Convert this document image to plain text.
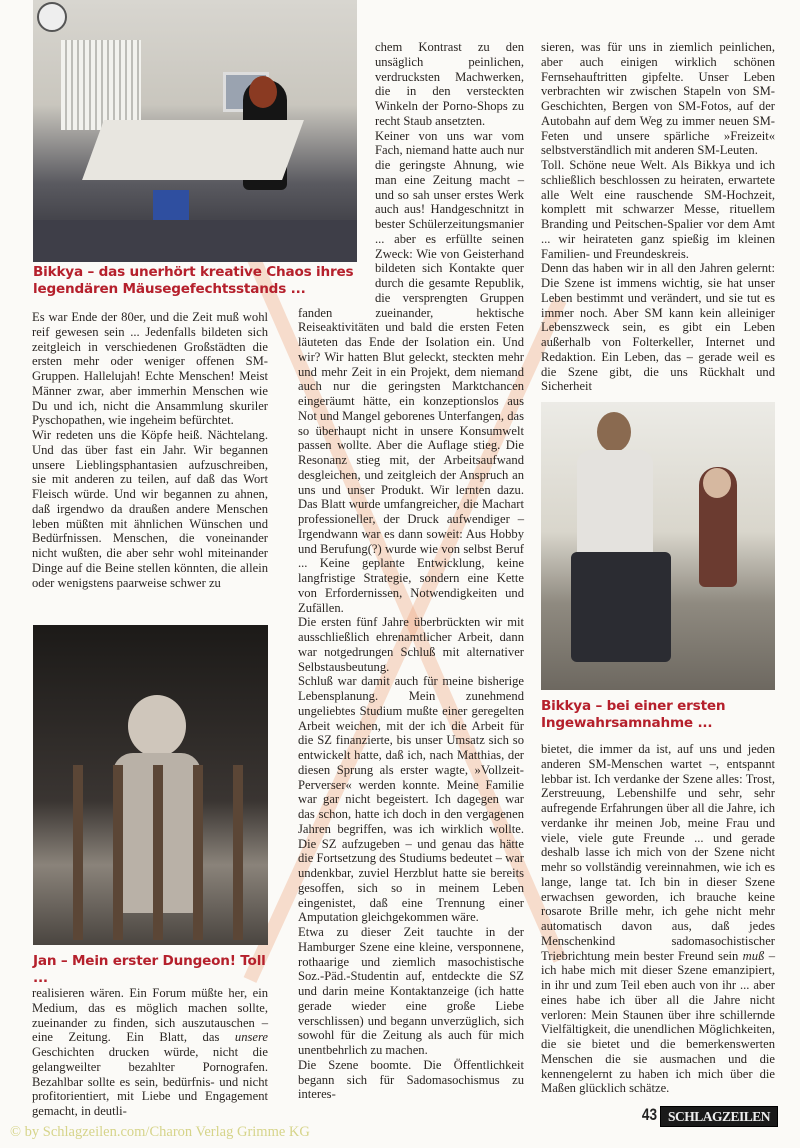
Bikkya – das unerhört kreative Chaos ihres legendären Mäusegefechtsstands ...

Es war Ende der 80er, und die Zeit muß wohl reif gewesen sein ... Jedenfalls bildeten sich zeitgleich in verschiedenen Großstädten die ersten mehr oder weniger offenen SM-Gruppen. Hallelujah! Echte Menschen! Meist Männer zwar, aber immerhin Menschen wie Du und ich, nicht die Ansammlung skuriler Pyschopathen, wie ingeheim befürchtet.

Wir redeten uns die Köpfe heiß. Nächtelang. Und das über fast ein Jahr. Wir begannen unsere Lieblingsphantasien aufzuschreiben, sie mit anderen zu teilen, auf daß das Wort Fleisch würde. Und wir begannen zu ahnen, daß irgendwo da draußen andere Menschen leben müßten mit ähnlichen Wünschen und Bedürfnissen. Menschen, die voneinander nicht wußten, die aber sehr wohl miteinander Dinge auf die Beine stellen könnten, die allein oder wenigstens paarweise schwer zu

Jan – Mein erster Dungeon! Toll ...

realisieren wären. Ein Forum müßte her, ein Medium, das es möglich machen sollte, zueinander zu finden, sich auszutauschen – eine Zeitung. Ein Blatt, das unsere Geschichten drucken würde, nicht die gelangweilter bezahlter Pornografen. Bezahlbar sollte es sein, bedürfnis- und nicht profitorientiert, mit Liebe und Engagement gemacht, in deutli-

chem Kontrast zu den unsäglich peinlichen, verdrucksten Machwerken, die in den versteckten Winkeln der Porno-Shops zu recht Staub ansetzten.

Keiner von uns war vom Fach, niemand hatte auch nur die geringste Ahnung, wie man eine Zeitung macht – und so sah unser erstes Werk auch aus! Handgeschnitzt in bester Schülerzeitungsmanier ... aber es erfüllte seinen Zweck: Wie von Geisterhand bildeten sich Kontakte quer durch die gesamte Republik, die versprengten Gruppen fanden zueinander, hektische Reiseaktivitäten und bald die ersten Feten läuteten das Ende der Isolation ein. Und wir? Wir hatten Blut geleckt, steckten mehr und mehr Zeit in ein Projekt, dem niemand auch nur die geringsten Marktchancen eingeräumt hätte, ein konzeptionslos aus Not und Mangel geborenes Unterfangen, das so überhaupt nicht in unsere Konsumwelt passen wollte. Aber die Auflage stieg. Die Resonanz stieg mit, der Arbeitsaufwand desgleichen, und zeitgleich der Anspruch an uns und unser Produkt. Wir lernten dazu. Das Blatt wurde umfangreicher, die Machart professioneller, der Druck aufwendiger – Irgendwann war es dann soweit: Aus Hobby und Berufung(?) wurde wie von selbst Beruf ... Keine geplante Entwicklung, keine langfristige Strategie, sondern eine Kette von Erfordernissen, Notwendigkeiten und Zufällen.

Die ersten fünf Jahre überbrückten wir mit ausschließlich ehrenamtlicher Arbeit, dann war notgedrungen Schluß mit alternativer Selbstausbeutung.

Schluß war damit auch für meine bisherige Lebensplanung. Mein zunehmend ungeliebtes Studium mußte einer geregelten Arbeit weichen, mit der ich die Arbeit für die SZ finanzierte, bis unser Umsatz sich so entwickelt hatte, daß ich, nach Matthias, der diesen Sprung als erster wagte, »Vollzeit-Perverser« werden konnte. Meine Familie war gar nicht begeistert. Ich dagegen war das schon, hatte ich doch in den vergagenen Jahren begriffen, was ich wirklich wollte. Die SZ aufzugeben – und genau das hätte die Fortsetzung des Studiums bedeutet – war undenkbar, zuviel Herzblut hatte sie bereits gesoffen, sich so in meinem Leben eingenistet, daß eine Trennung einer Amputation gleichgekommen wäre.

Etwa zu dieser Zeit tauchte in der Hamburger Szene eine kleine, versponnene, rothaarige und ziemlich masochistische Soz.-Päd.-Studentin auf, entdeckte die SZ und darin meine Kontaktanzeige (ich hatte gerade wieder eine große Liebe verschlissen) und begann unverzüglich, sich sowohl für die Zeitung als auch für mich unentbehrlich zu machen.

Die Szene boomte. Die Öffentlichkeit begann sich für Sadomasochismus zu interes-

sieren, was für uns in ziemlich peinlichen, aber auch einigen wirklich schönen Fernsehauftritten gipfelte. Unser Leben verbrachten wir zwischen Stapeln von SM-Geschichten, Bergen von SM-Fotos, auf der Autobahn auf dem Weg zu immer neuen SM-Feten und unsere spärliche »Freizeit« selbstverständlich mit anderen SM-Leuten.

Toll. Schöne neue Welt. Als Bikkya und ich schließlich beschlossen zu heiraten, erwartete alle Welt eine rauschende SM-Hochzeit, komplett mit schwarzer Messe, rituellem Branding und Peitschen-Spalier vor dem Amt ... wir heirateten ganz spießig im kleinen Familien- und Freundeskreis.

Denn das haben wir in all den Jahren gelernt: Die Szene ist immens wichtig, sie hat unser Leben bestimmt und verändert, und sie tut es immer noch. Aber SM kann kein alleiniger Lebenszweck sein, es gibt ein Leben außerhalb von Folterkeller, Internet und Redaktion. Ein Leben, das – gerade weil es die Szene gibt, die uns Rückhalt und Sicherheit

Bikkya – bei einer ersten Ingewahrsamnahme ...

bietet, die immer da ist, auf uns und jeden anderen SM-Menschen wartet –, entspannt lebbar ist. Ich verdanke der Szene alles: Trost, Zerstreuung, Lebenshilfe und sehr, sehr aufregende Erfahrungen über all die Jahre, ich verdanke ihr meinen Job, meine Frau und viele, viele gute Freunde ... und gerade deshalb lasse ich mich von der Szene nicht mehr so vollständig vereinnahmen, wie ich es lange, lange tat. Ich bin in dieser Szene erwachsen geworden, ich brauche keine rosarote Brille mehr, ich gehe nicht mehr automatisch davon aus, daß jedes Menschenkind sadomasochistischer Triebrichtung mein bester Freund sein muß – ich habe mich mit dieser Szene emanzipiert, in ihr und zum Teil eben auch von ihr ... aber eines habe ich über all die Jahre nicht verloren: Mein Staunen über ihre schillernde Vielfältigkeit, die unendlichen Möglichkeiten, die sie bietet und die bemerkenswerten Menschen die sie ausmachen und die kennengelernt zu haben ich mich über die Maßen glücklich schätze.

43 SCHLAGZEILEN
© by Schlagzeilen.com/Charon Verlag Grimme KG
